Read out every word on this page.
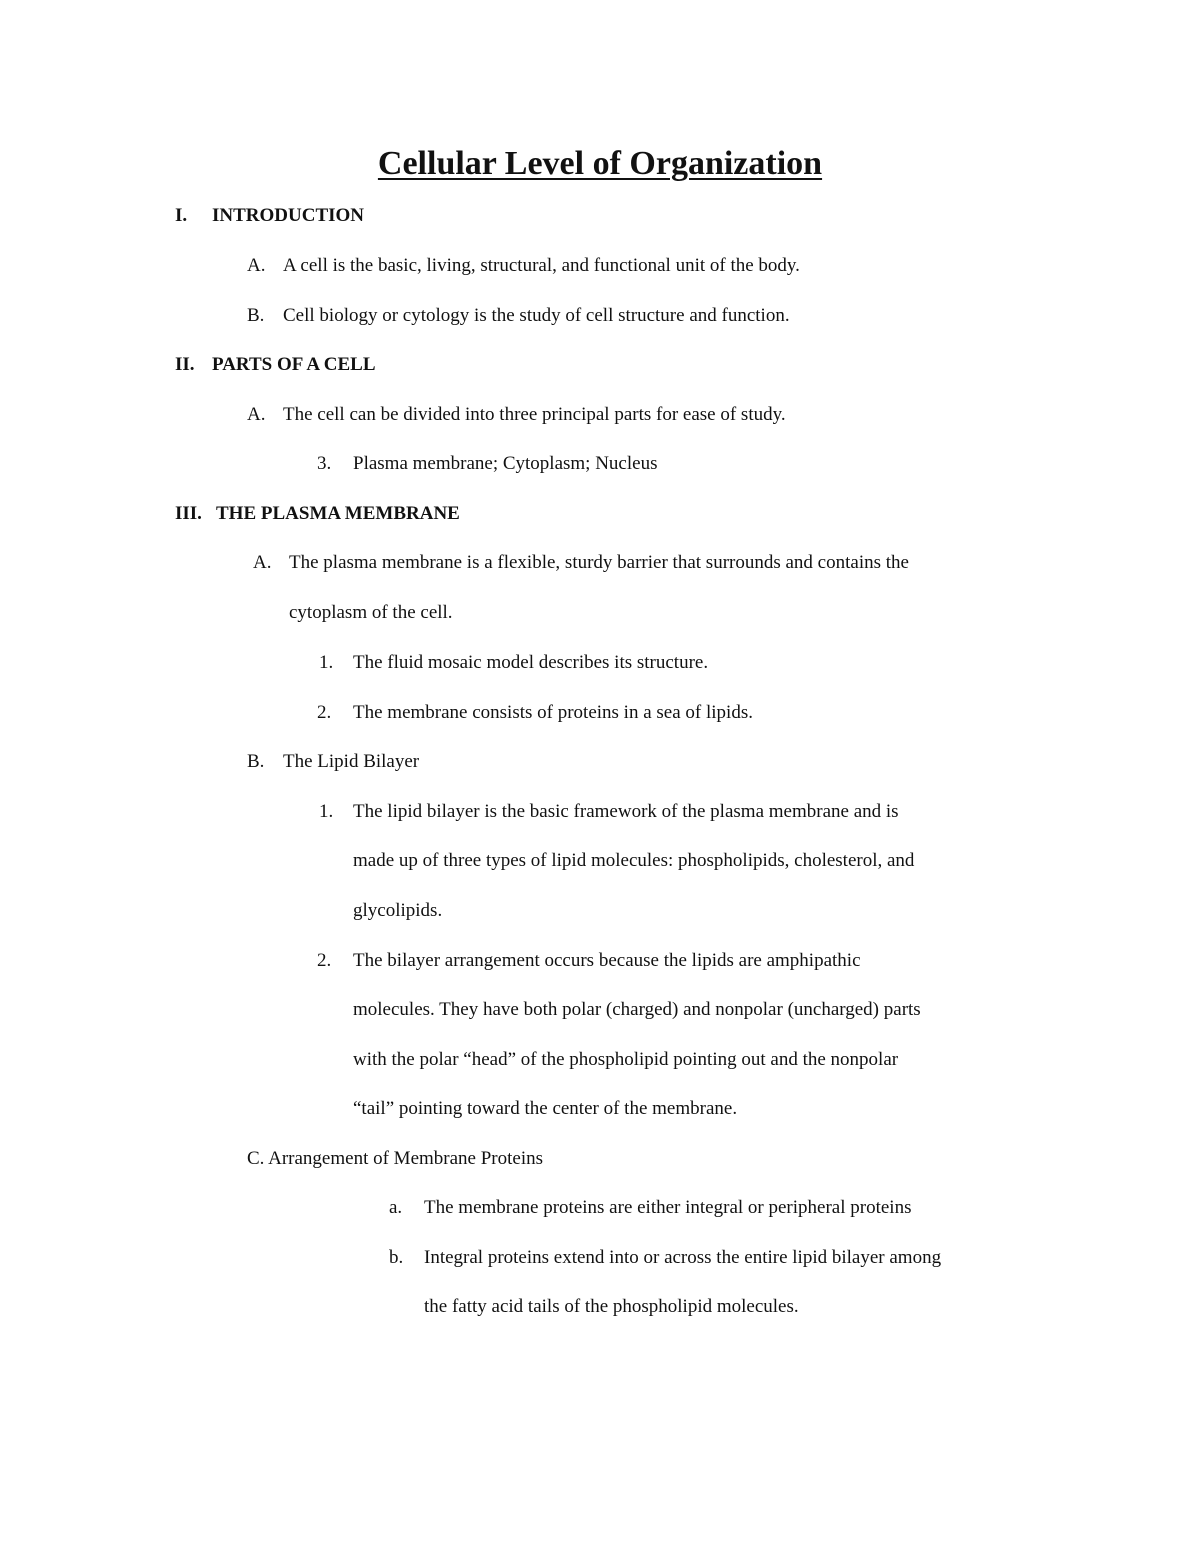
Cellular Level of Organization
I. INTRODUCTION
A. A cell is the basic, living, structural, and functional unit of the body.
B. Cell biology or cytology is the study of cell structure and function.
II. PARTS OF A CELL
A. The cell can be divided into three principal parts for ease of study.
3. Plasma membrane; Cytoplasm; Nucleus
III. THE PLASMA MEMBRANE
A. The plasma membrane is a flexible, sturdy barrier that surrounds and contains the
cytoplasm of the cell.
1. The fluid mosaic model describes its structure.
2. The membrane consists of proteins in a sea of lipids.
B. The Lipid Bilayer
1. The lipid bilayer is the basic framework of the plasma membrane and is
made up of three types of lipid molecules: phospholipids, cholesterol, and
glycolipids.
2. The bilayer arrangement occurs because the lipids are amphipathic
molecules. They have both polar (charged) and nonpolar (uncharged) parts
with the polar “head” of the phospholipid pointing out and the nonpolar
“tail” pointing toward the center of the membrane.
C. Arrangement of Membrane Proteins
a. The membrane proteins are either integral or peripheral proteins
b. Integral proteins extend into or across the entire lipid bilayer among
the fatty acid tails of the phospholipid molecules.
